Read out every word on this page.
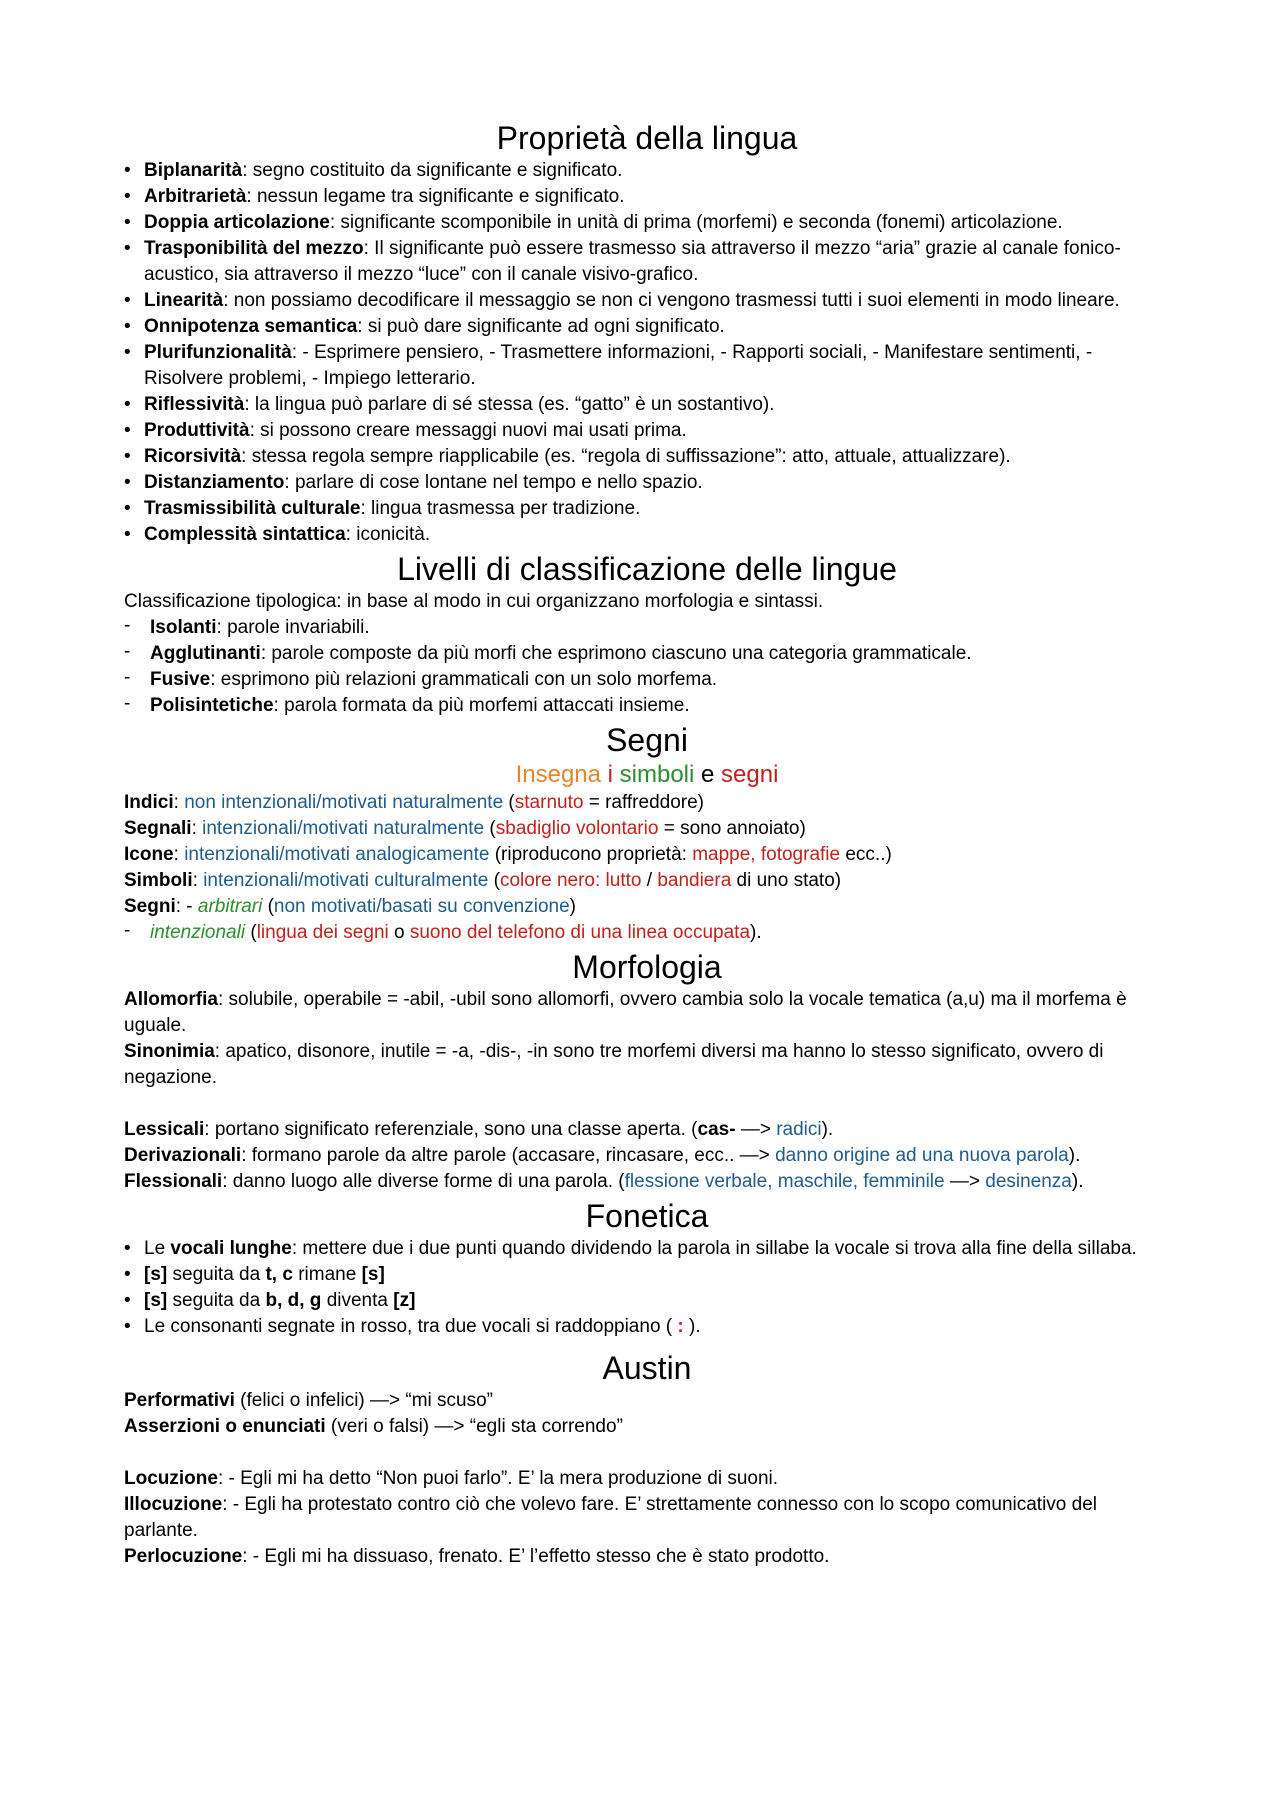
Proprietà della lingua
• Biplanarità: segno costituito da significante e significato.
• Arbitrarietà: nessun legame tra significante e significato.
• Doppia articolazione: significante scomponibile in unità di prima (morfemi) e seconda (fonemi) articolazione.
• Trasponibilità del mezzo: Il significante può essere trasmesso sia attraverso il mezzo “aria” grazie al canale fonico-acustico, sia attraverso il mezzo “luce” con il canale visivo-grafico.
• Linearità: non possiamo decodificare il messaggio se non ci vengono trasmessi tutti i suoi elementi in modo lineare.
• Onnipotenza semantica: si può dare significante ad ogni significato.
• Plurifunzionalità: - Esprimere pensiero, - Trasmettere informazioni, - Rapporti sociali, - Manifestare sentimenti, - Risolvere problemi, - Impiego letterario.
• Riflessività: la lingua può parlare di sé stessa (es. “gatto” è un sostantivo).
• Produttività: si possono creare messaggi nuovi mai usati prima.
• Ricorsività: stessa regola sempre riapplicabile (es. “regola di suffissazione”: atto, attuale, attualizzare).
• Distanziamento: parlare di cose lontane nel tempo e nello spazio.
• Trasmissibilità culturale: lingua trasmessa per tradizione.
• Complessità sintattica: iconicità.
Livelli di classificazione delle lingue

Classificazione tipologica: in base al modo in cui organizzano morfologia e sintassi.

- Isolanti: parole invariabili.
- Agglutinanti: parole composte da più morfi che esprimono ciascuno una categoria grammaticale.
- Fusive: esprimono più relazioni grammaticali con un solo morfema.
- Polisintetiche: parola formata da più morfemi attaccati insieme.
Segni
Insegna i simboli e segni

Indici: non intenzionali/motivati naturalmente (starnuto = raffreddore)

Segnali: intenzionali/motivati naturalmente (sbadiglio volontario = sono annoiato)

Icone: intenzionali/motivati analogicamente (riproducono proprietà: mappe, fotografie ecc..)

Simboli: intenzionali/motivati culturalmente (colore nero: lutto / bandiera di uno stato)

Segni: - arbitrari (non motivati/basati su convenzione)

- intenzionali (lingua dei segni o suono del telefono di una linea occupata).
Morfologia

Allomorfia: solubile, operabile = -abil, -ubil sono allomorfi, ovvero cambia solo la vocale tematica (a,u) ma il morfema è uguale.

Sinonimia: apatico, disonore, inutile = -a, -dis-, -in sono tre morfemi diversi ma hanno lo stesso significato, ovvero di negazione.

Lessicali: portano significato referenziale, sono una classe aperta. (cas- —> radici).

Derivazionali: formano parole da altre parole (accasare, rincasare, ecc.. —> danno origine ad una nuova parola).

Flessionali: danno luogo alle diverse forme di una parola. (flessione verbale, maschile, femminile —> desinenza).

Fonetica
• Le vocali lunghe: mettere due i due punti quando dividendo la parola in sillabe la vocale si trova alla fine della sillaba.
• [s] seguita da t, c rimane [s]
• [s] seguita da b, d, g diventa [z]
• Le consonanti segnate in rosso, tra due vocali si raddoppiano ( : ).
Austin

Performativi (felici o infelici) —> “mi scuso”

Asserzioni o enunciati (veri o falsi) —> “egli sta correndo”

Locuzione: - Egli mi ha detto “Non puoi farlo”. E’ la mera produzione di suoni.

Illocuzione: - Egli ha protestato contro ciò che volevo fare. E’ strettamente connesso con lo scopo comunicativo del parlante.

Perlocuzione: - Egli mi ha dissuaso, frenato. E’ l’effetto stesso che è stato prodotto.
